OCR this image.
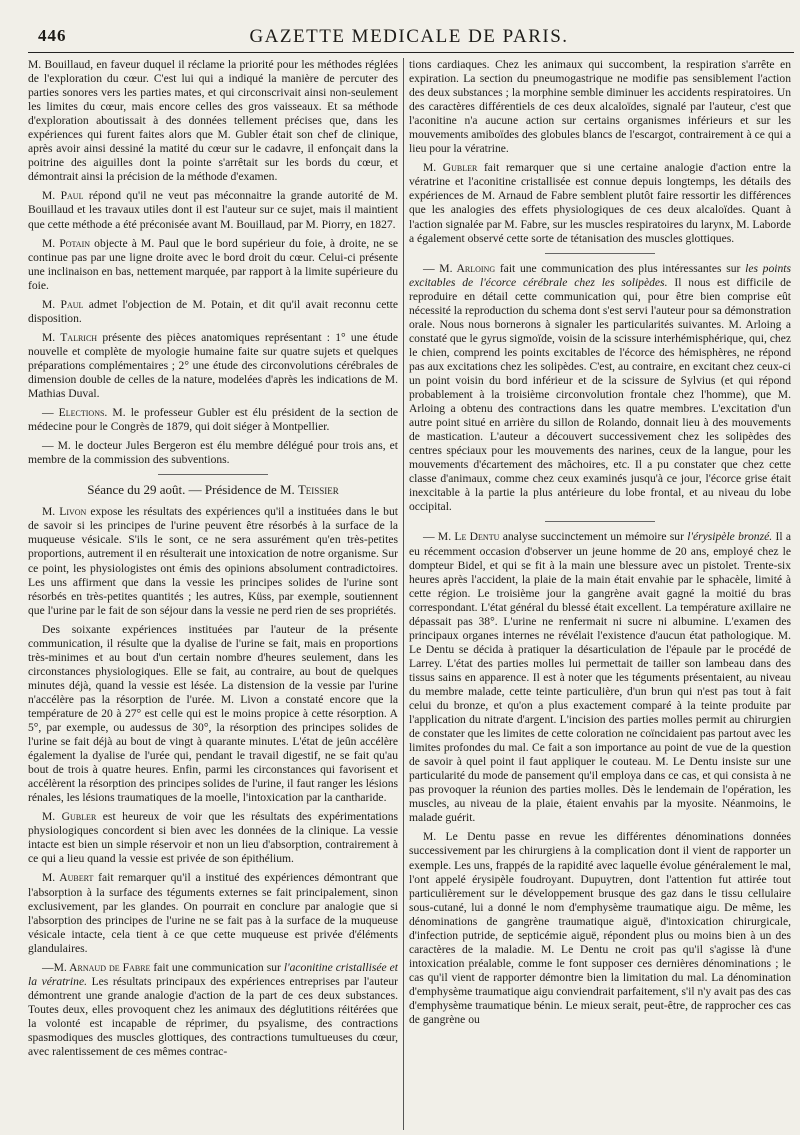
446	GAZETTE MEDICALE DE PARIS.

M. Bouillaud, en faveur duquel il réclame la priorité pour les méthodes réglées de l'exploration du cœur. C'est lui qui a indiqué la manière de percuter des parties sonores vers les parties mates, et qui circonscrivait ainsi non-seulement les limites du cœur, mais encore celles des gros vaisseaux. Et sa méthode d'exploration aboutissait à des données tellement précises que, dans les expériences qui furent faites alors que M. Gubler était son chef de clinique, après avoir ainsi dessiné la matité du cœur sur le cadavre, il enfonçait dans la poitrine des aiguilles dont la pointe s'arrêtait sur les bords du cœur, et démontrait ainsi la précision de la méthode d'examen.

M. Paul répond qu'il ne veut pas méconnaitre la grande autorité de M. Bouillaud et les travaux utiles dont il est l'auteur sur ce sujet, mais il maintient que cette méthode a été préconisée avant M. Bouillaud, par M. Piorry, en 1827.

M. Potain objecte à M. Paul que le bord supérieur du foie, à droite, ne se continue pas par une ligne droite avec le bord droit du cœur. Celui-ci présente une inclinaison en bas, nettement marquée, par rapport à la limite supérieure du foie.

M. Paul admet l'objection de M. Potain, et dit qu'il avait reconnu cette disposition.

M. Talrich présente des pièces anatomiques représentant : 1° une étude nouvelle et complète de myologie humaine faite sur quatre sujets et quelques préparations complémentaires ; 2° une étude des circonvolutions cérébrales de dimension double de celles de la nature, modelées d'après les indications de M. Mathias Duval.

— Elections. M. le professeur Gubler est élu président de la section de médecine pour le Congrès de 1879, qui doit siéger à Montpellier.

— M. le docteur Jules Bergeron est élu membre délégué pour trois ans, et membre de la commission des subventions.

Séance du 29 août. — Présidence de M. Teissier

M. Livon expose les résultats des expériences qu'il a instituées dans le but de savoir si les principes de l'urine peuvent être résorbés à la surface de la muqueuse vésicale. S'ils le sont, ce ne sera assurément qu'en très-petites proportions, autrement il en résulterait une intoxication de notre organisme. Sur ce point, les physiologistes ont émis des opinions absolument contradictoires. Les uns affirment que dans la vessie les principes solides de l'urine sont résorbés en très-petites quantités ; les autres, Küss, par exemple, soutiennent que l'urine par le fait de son séjour dans la vessie ne perd rien de ses propriétés.

Des soixante expériences instituées par l'auteur de la présente communication, il résulte que la dyalise de l'urine se fait, mais en proportions très-minimes et au bout d'un certain nombre d'heures seulement, dans les circonstances physiologiques. Elle se fait, au contraire, au bout de quelques minutes déjà, quand la vessie est lésée. La distension de la vessie par l'urine n'accélère pas la résorption de l'urée. M. Livon a constaté encore que la température de 20 à 27° est celle qui est le moins propice à cette résorption. A 5°, par exemple, ou audessus de 30°, la résorption des principes solides de l'urine se fait déjà au bout de vingt à quarante minutes. L'état de jeûn accélère également la dyalise de l'urée qui, pendant le travail digestif, ne se fait qu'au bout de trois à quatre heures. Enfin, parmi les circonstances qui favorisent et accélèrent la résorption des principes solides de l'urine, il faut ranger les lésions rénales, les lésions traumatiques de la moelle, l'intoxication par la cantharide.

M. Gubler est heureux de voir que les résultats des expérimentations physiologiques concordent si bien avec les données de la clinique. La vessie intacte est bien un simple réservoir et non un lieu d'absorption, contrairement à ce qui a lieu quand la vessie est privée de son épithélium.

M. Aubert fait remarquer qu'il a institué des expériences démontrant que l'absorption à la surface des téguments externes se fait principalement, sinon exclusivement, par les glandes. On pourrait en conclure par analogie que si l'absorption des principes de l'urine ne se fait pas à la surface de la muqueuse vésicale intacte, cela tient à ce que cette muqueuse est privée d'éléments glandulaires.

—M. Arnaud de Fabre fait une communication sur l'aconitine cristallisée et la vératrine. Les résultats principaux des expériences entreprises par l'auteur démontrent une grande analogie d'action de la part de ces deux substances. Toutes deux, elles provoquent chez les animaux des déglutitions réitérées que la volonté est incapable de réprimer, du psyalisme, des contractions spasmodiques des muscles glottiques, des contractions tumultueuses du cœur, avec ralentissement de ces mêmes contrac-

tions cardiaques. Chez les animaux qui succombent, la respiration s'arrête en expiration. La section du pneumogastrique ne modifie pas sensiblement l'action des deux substances ; la morphine semble diminuer les accidents respiratoires. Un des caractères différentiels de ces deux alcaloïdes, signalé par l'auteur, c'est que l'aconitine n'a aucune action sur certains organismes inférieurs et sur les mouvements amiboïdes des globules blancs de l'escargot, contrairement à ce qui a lieu pour la vératrine.

M. Gubler fait remarquer que si une certaine analogie d'action entre la vératrine et l'aconitine cristallisée est connue depuis longtemps, les détails des expériences de M. Arnaud de Fabre semblent plutôt faire ressortir les différences que les analogies des effets physiologiques de ces deux alcaloïdes. Quant à l'action signalée par M. Fabre, sur les muscles respiratoires du larynx, M. Laborde a également observé cette sorte de tétanisation des muscles glottiques.

— M. Arloing fait une communication des plus intéressantes sur les points excitables de l'écorce cérébrale chez les solipèdes. Il nous est difficile de reproduire en détail cette communication qui, pour être bien comprise eût nécessité la reproduction du schema dont s'est servi l'auteur pour sa démonstration orale. Nous nous bornerons à signaler les particularités suivantes. M. Arloing a constaté que le gyrus sigmoïde, voisin de la scissure interhémisphérique, qui, chez le chien, comprend les points excitables de l'écorce des hémisphères, ne répond pas aux excitations chez les solipèdes. C'est, au contraire, en excitant chez ceux-ci un point voisin du bord inférieur et de la scissure de Sylvius (et qui répond probablement à la troisième circonvolution frontale chez l'homme), que M. Arloing a obtenu des contractions dans les quatre membres. L'excitation d'un autre point situé en arrière du sillon de Rolando, donnait lieu à des mouvements de mastication. L'auteur a découvert successivement chez les solipèdes des centres spéciaux pour les mouvements des narines, ceux de la langue, pour les mouvements d'écartement des mâchoires, etc. Il a pu constater que chez cette classe d'animaux, comme chez ceux examinés jusqu'à ce jour, l'écorce grise était inexcitable à la partie la plus antérieure du lobe frontal, et au niveau du lobe occipital.

— M. Le Dentu analyse succinctement un mémoire sur l'érysipèle bronzé. Il a eu récemment occasion d'observer un jeune homme de 20 ans, employé chez le dompteur Bidel, et qui se fit à la main une blessure avec un pistolet. Trente-six heures après l'accident, la plaie de la main était envahie par le sphacèle, limité à cette région. Le troisième jour la gangrène avait gagné la moitié du bras correspondant. L'état général du blessé était excellent. La température axillaire ne dépassait pas 38°. L'urine ne renfermait ni sucre ni albumine. L'examen des principaux organes internes ne révélait l'existence d'aucun état pathologique. M. Le Dentu se décida à pratiquer la désarticulation de l'épaule par le procédé de Larrey. L'état des parties molles lui permettait de tailler son lambeau dans des tissus sains en apparence. Il est à noter que les téguments présentaient, au niveau du membre malade, cette teinte particulière, d'un brun qui n'est pas tout à fait celui du bronze, et qu'on a plus exactement comparé à la teinte produite par l'application du nitrate d'argent. L'incision des parties molles permit au chirurgien de constater que les limites de cette coloration ne coïncidaient pas partout avec les limites profondes du mal. Ce fait a son importance au point de vue de la question de savoir à quel point il faut appliquer le couteau. M. Le Dentu insiste sur une particularité du mode de pansement qu'il employa dans ce cas, et qui consista à ne pas provoquer la réunion des parties molles. Dès le lendemain de l'opération, les muscles, au niveau de la plaie, étaient envahis par la myosite. Néanmoins, le malade guérit.

M. Le Dentu passe en revue les différentes dénominations données successivement par les chirurgiens à la complication dont il vient de rapporter un exemple. Les uns, frappés de la rapidité avec laquelle évolue généralement le mal, l'ont appelé érysipèle foudroyant. Dupuytren, dont l'attention fut attirée tout particulièrement sur le développement brusque des gaz dans le tissu cellulaire sous-cutané, lui a donné le nom d'emphysème traumatique aigu. De même, les dénominations de gangrène traumatique aiguë, d'intoxication chirurgicale, d'infection putride, de septicémie aiguë, répondent plus ou moins bien à un des caractères de la maladie. M. Le Dentu ne croit pas qu'il s'agisse là d'une intoxication préalable, comme le font supposer ces dernières dénominations ; le cas qu'il vient de rapporter démontre bien la limitation du mal. La dénomination d'emphysème traumatique aigu conviendrait parfaitement, s'il n'y avait pas des cas d'emphysème traumatique bénin. Le mieux serait, peut-être, de rapprocher ces cas de gangrène ou
